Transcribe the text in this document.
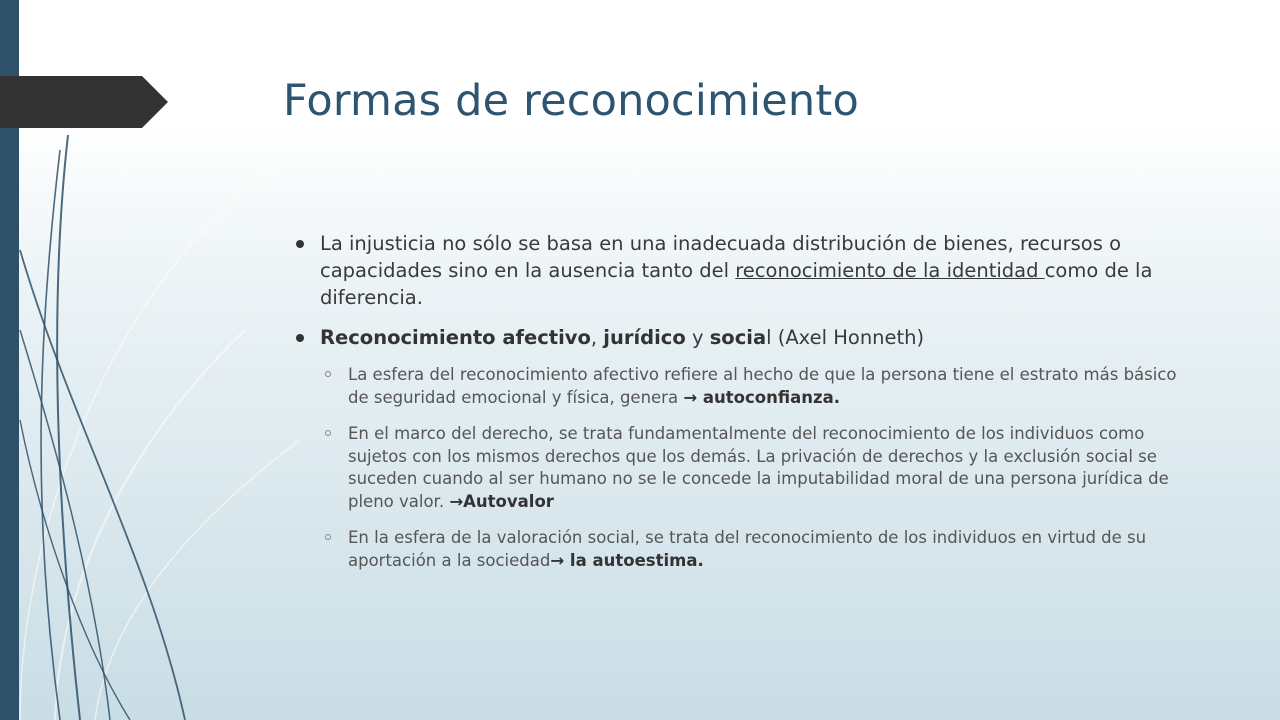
Formas de reconocimiento

La injusticia no sólo se basa en una inadecuada distribución de bienes, recursos o capacidades sino en la ausencia tanto del reconocimiento de la identidad como de la diferencia.

Reconocimiento afectivo, jurídico y social (Axel Honneth)

La esfera del reconocimiento afectivo refiere al hecho de que la persona tiene el estrato más básico de seguridad emocional y física, genera → autoconfianza.

En el marco del derecho, se trata fundamentalmente del reconocimiento de los individuos como sujetos con los mismos derechos que los demás. La privación de derechos y la exclusión social se suceden cuando al ser humano no se le concede la imputabilidad moral de una persona jurídica de pleno valor. →Autovalor

En la esfera de la valoración social, se trata del reconocimiento de los individuos en virtud de su aportación a la sociedad→ la autoestima.
